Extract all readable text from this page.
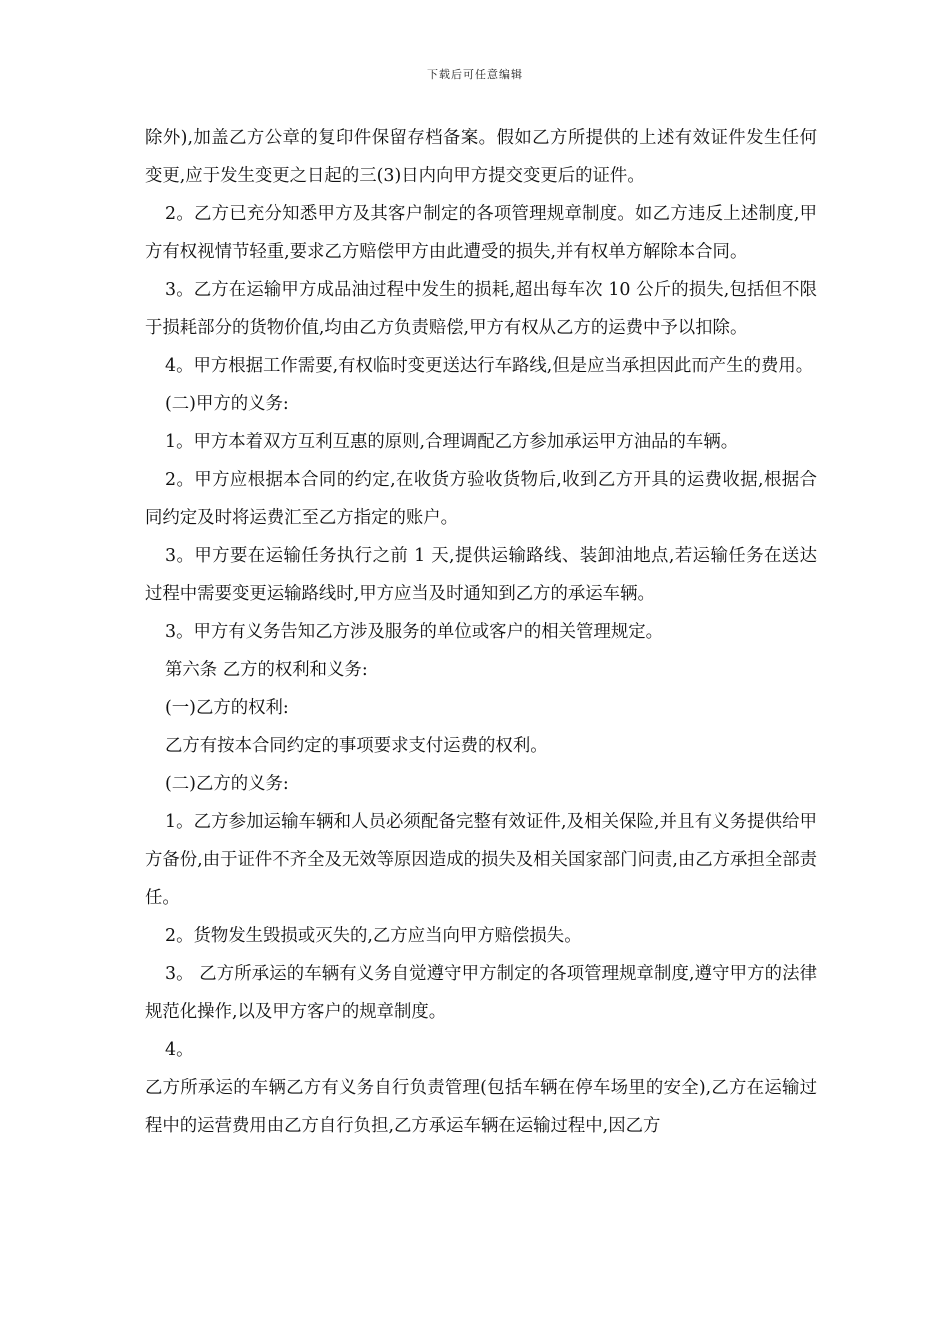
下载后可任意编辑

除外),加盖乙方公章的复印件保留存档备案。假如乙方所提供的上述有效证件发生任何变更,应于发生变更之日起的三(3)日内向甲方提交变更后的证件。

2。乙方已充分知悉甲方及其客户制定的各项管理规章制度。如乙方违反上述制度,甲方有权视情节轻重,要求乙方赔偿甲方由此遭受的损失,并有权单方解除本合同。

3。乙方在运输甲方成品油过程中发生的损耗,超出每车次 10 公斤的损失,包括但不限于损耗部分的货物价值,均由乙方负责赔偿,甲方有权从乙方的运费中予以扣除。

4。甲方根据工作需要,有权临时变更送达行车路线,但是应当承担因此而产生的费用。

(二)甲方的义务:

1。甲方本着双方互利互惠的原则,合理调配乙方参加承运甲方油品的车辆。

2。甲方应根据本合同的约定,在收货方验收货物后,收到乙方开具的运费收据,根据合同约定及时将运费汇至乙方指定的账户。

3。甲方要在运输任务执行之前 1 天,提供运输路线、装卸油地点,若运输任务在送达过程中需要变更运输路线时,甲方应当及时通知到乙方的承运车辆。

3。甲方有义务告知乙方涉及服务的单位或客户的相关管理规定。

第六条 乙方的权利和义务:

(一)乙方的权利:

乙方有按本合同约定的事项要求支付运费的权利。

(二)乙方的义务:

1。乙方参加运输车辆和人员必须配备完整有效证件,及相关保险,并且有义务提供给甲方备份,由于证件不齐全及无效等原因造成的损失及相关国家部门问责,由乙方承担全部责任。

2。货物发生毁损或灭失的,乙方应当向甲方赔偿损失。

3。 乙方所承运的车辆有义务自觉遵守甲方制定的各项管理规章制度,遵守甲方的法律规范化操作,以及甲方客户的规章制度。

4。

乙方所承运的车辆乙方有义务自行负责管理(包括车辆在停车场里的安全),乙方在运输过程中的运营费用由乙方自行负担,乙方承运车辆在运输过程中,因乙方
